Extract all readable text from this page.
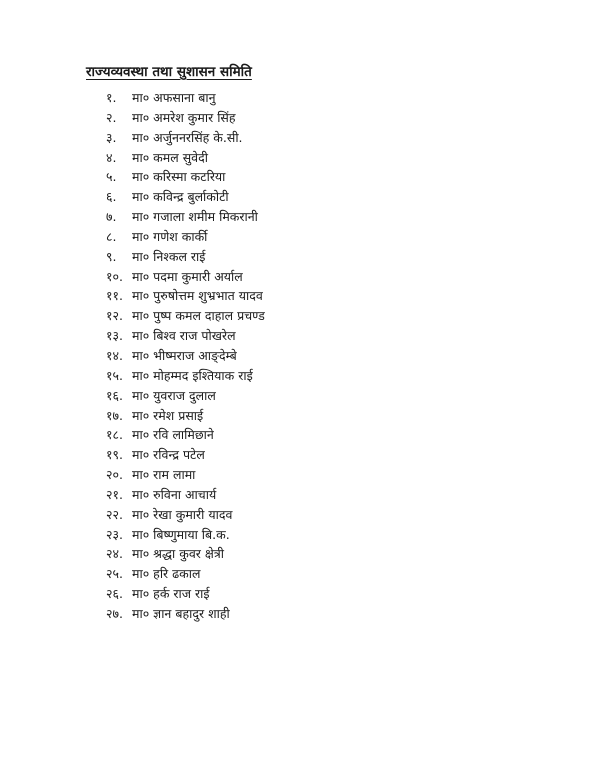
राज्यव्यवस्था तथा सुशासन समिति
१.	मा० अफसाना बानु
२.	मा० अमरेश कुमार सिंह
३.	मा० अर्जुननरसिंह के.सी.
४.	मा० कमल सुवेदी
५.	मा० करिस्मा कटरिया
६.	मा० कविन्द्र बुर्लाकोटी
७.	मा० गजाला शमीम मिकरानी
८.	मा० गणेश कार्की
९.	मा० निश्कल राई
१०. मा० पदमा कुमारी अर्याल
११. मा० पुरुषोत्तम शुभ्रभात यादव
१२. मा० पुष्प कमल दाहाल प्रचण्ड
१३. मा० बिश्व राज पोखरेल
१४. मा० भीष्मराज आङ्देम्बे
१५. मा० मोहम्मद इश्तियाक राई
१६. मा० युवराज दुलाल
१७. मा० रमेश प्रसाई
१८. मा० रवि लामिछाने
१९. मा० रविन्द्र पटेल
२०. मा० राम लामा
२१. मा० रुविना आचार्य
२२. मा० रेखा कुमारी यादव
२३. मा० बिष्णुमाया बि.क.
२४. मा० श्रद्धा कुवर क्षेत्री
२५. मा० हरि ढकाल
२६. मा० हर्क राज राई
२७. मा० ज्ञान बहादुर शाही
